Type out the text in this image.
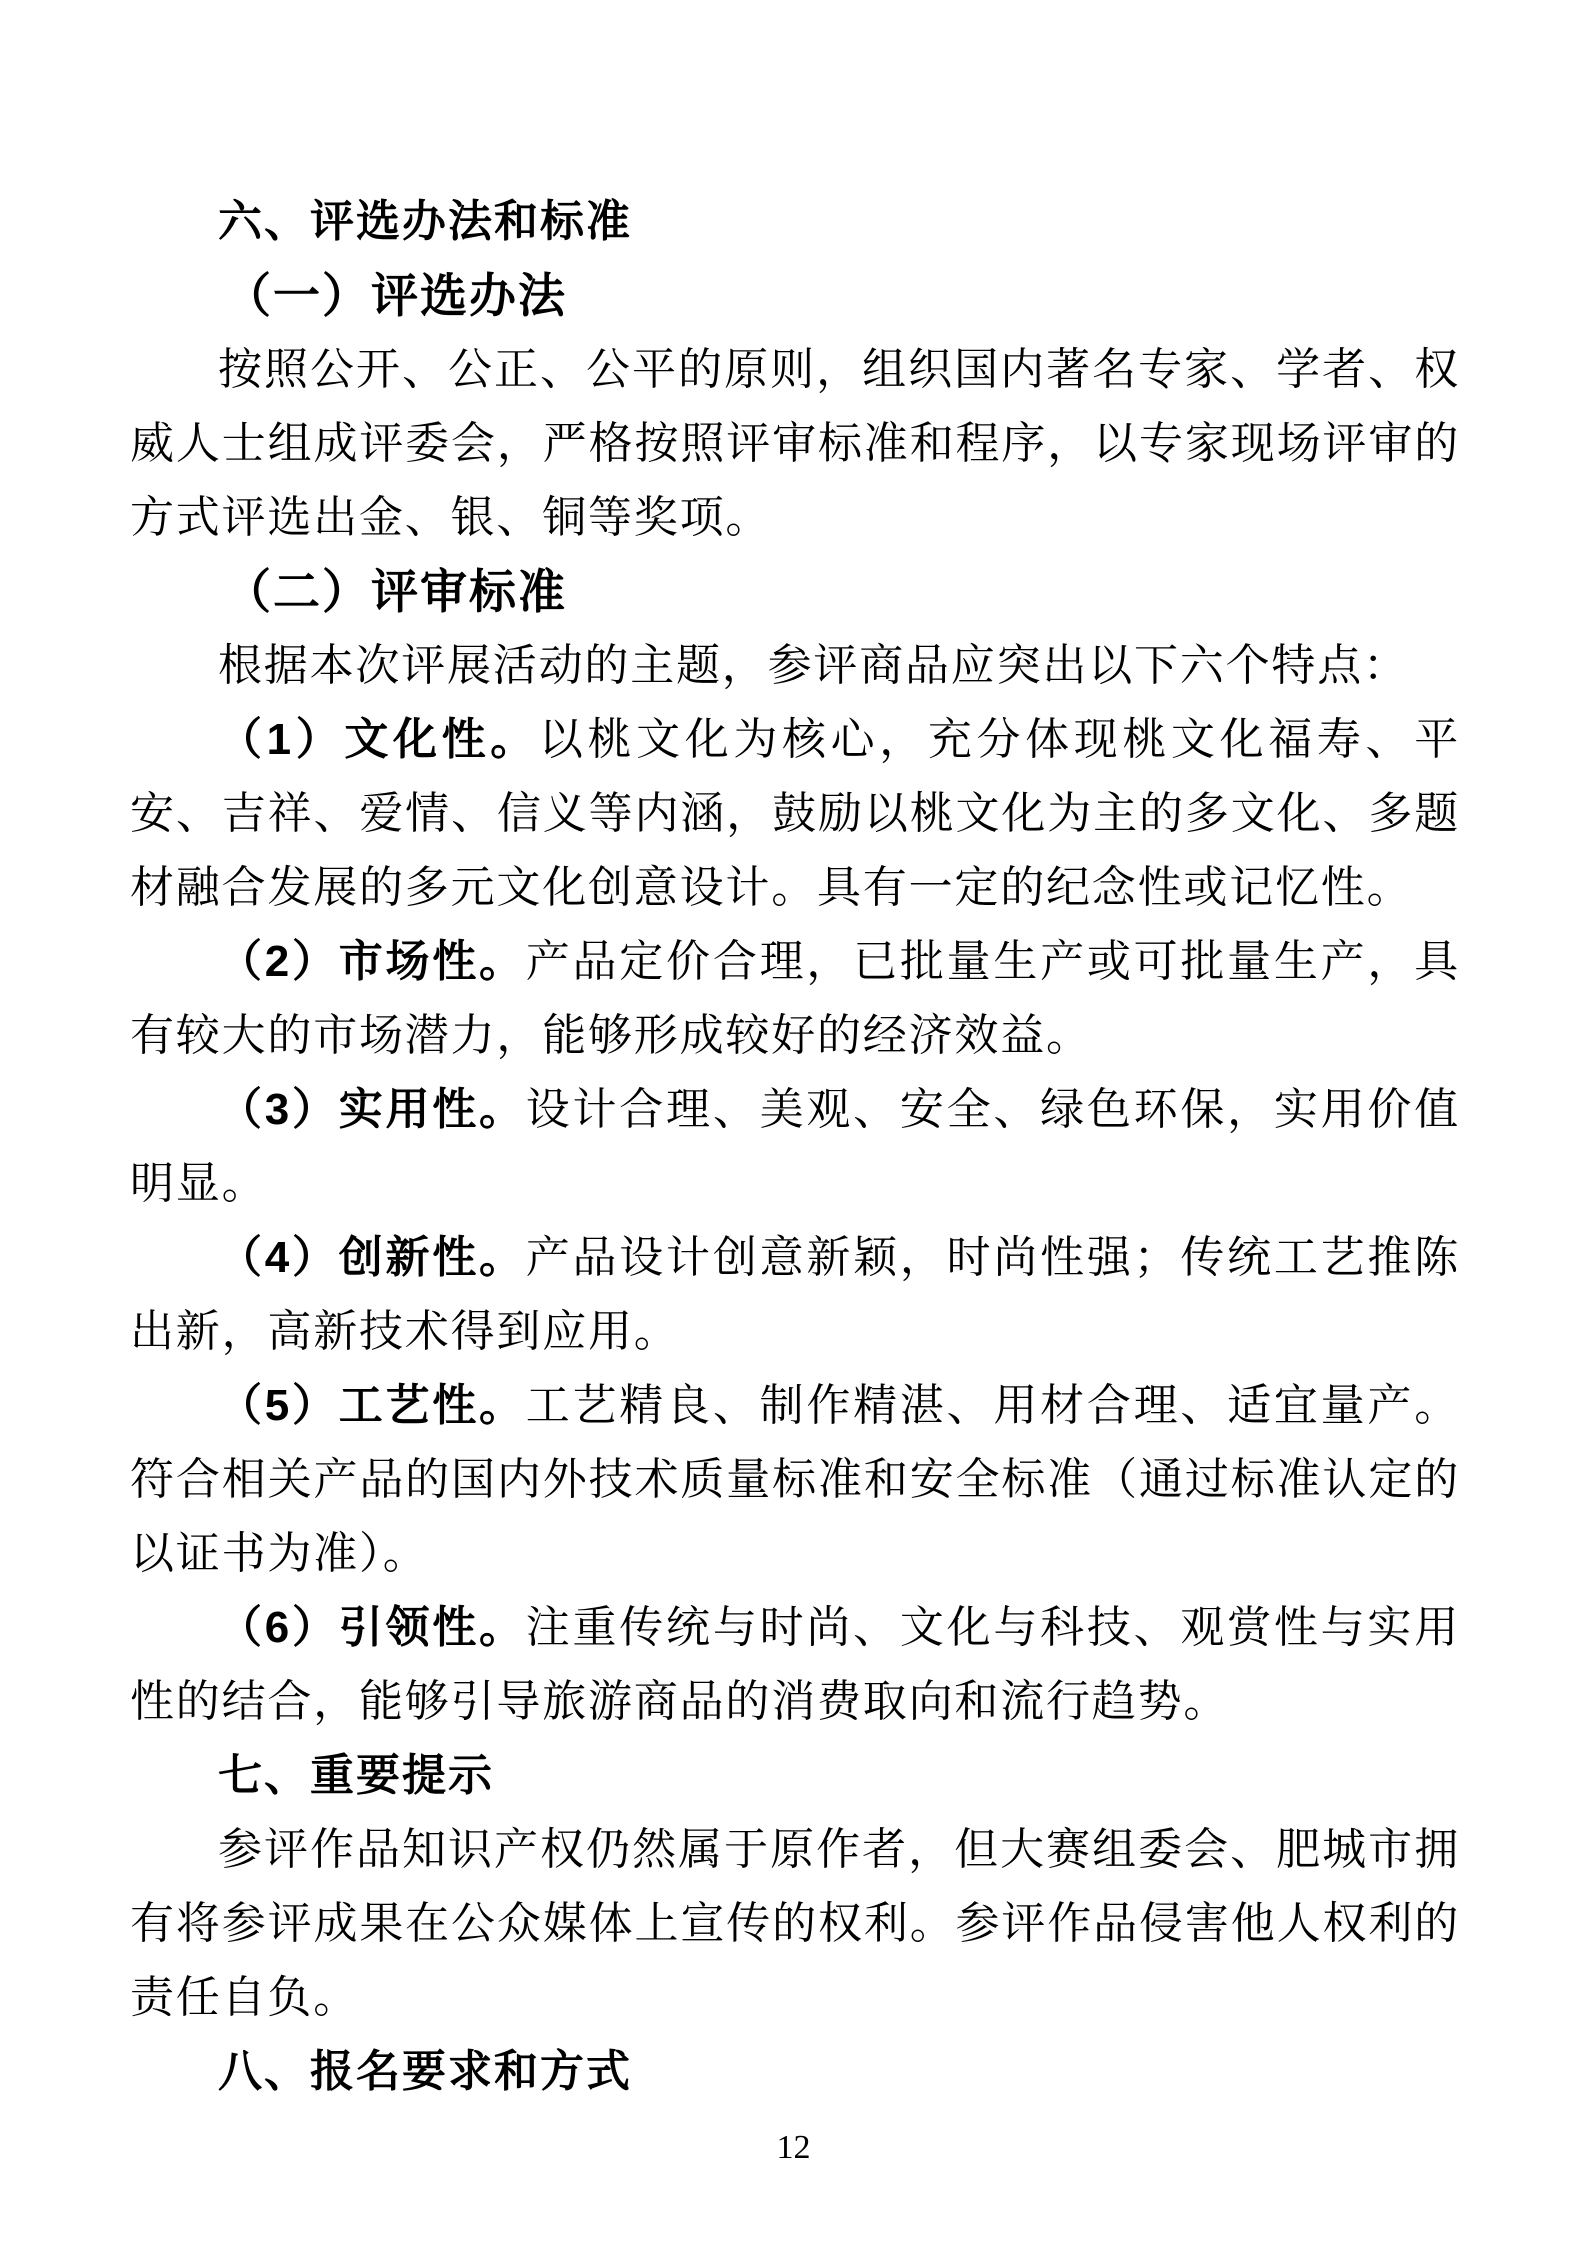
六、评选办法和标准
（一）评选办法

按照公开、公正、公平的原则，组织国内著名专家、学者、权威人士组成评委会，严格按照评审标准和程序，以专家现场评审的方式评选出金、银、铜等奖项。

（二）评审标准

根据本次评展活动的主题，参评商品应突出以下六个特点：

（1）文化性。以桃文化为核心，充分体现桃文化福寿、平安、吉祥、爱情、信义等内涵，鼓励以桃文化为主的多文化、多题材融合发展的多元文化创意设计。具有一定的纪念性或记忆性。

（2）市场性。产品定价合理，已批量生产或可批量生产，具有较大的市场潜力，能够形成较好的经济效益。

（3）实用性。设计合理、美观、安全、绿色环保，实用价值明显。

（4）创新性。产品设计创意新颖，时尚性强；传统工艺推陈出新，高新技术得到应用。

（5）工艺性。工艺精良、制作精湛、用材合理、适宜量产。符合相关产品的国内外技术质量标准和安全标准（通过标准认定的以证书为准）。

（6）引领性。注重传统与时尚、文化与科技、观赏性与实用性的结合，能够引导旅游商品的消费取向和流行趋势。

七、重要提示

参评作品知识产权仍然属于原作者，但大赛组委会、肥城市拥有将参评成果在公众媒体上宣传的权利。参评作品侵害他人权利的责任自负。

八、报名要求和方式
12
